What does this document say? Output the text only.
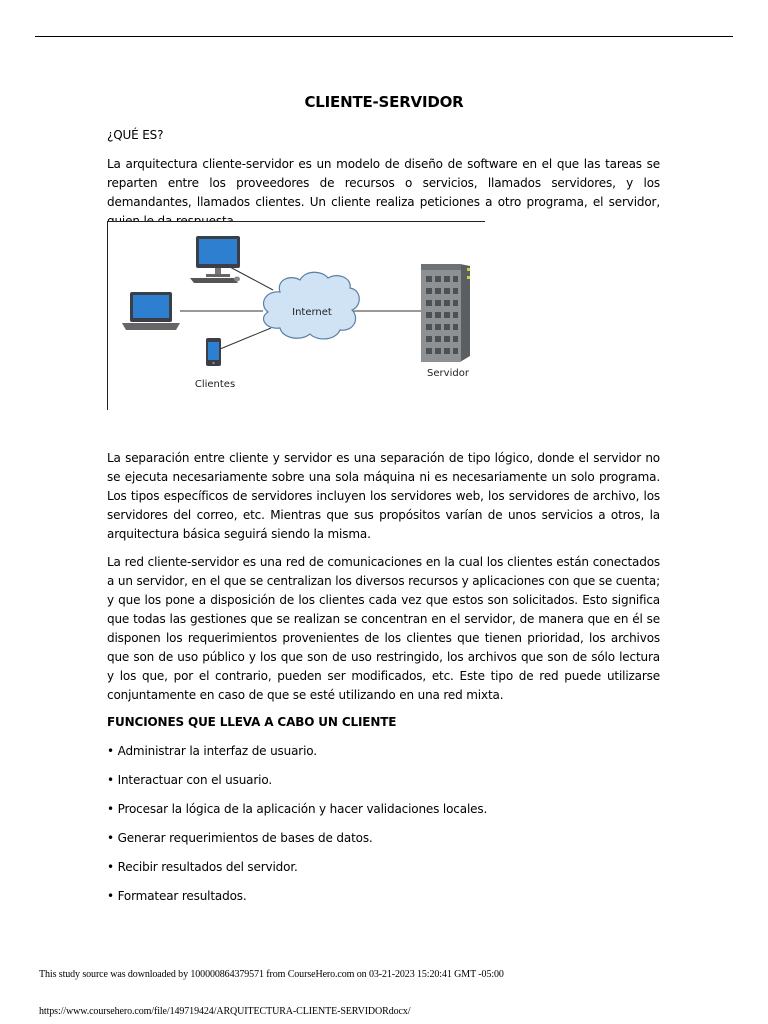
CLIENTE-SERVIDOR

¿QUÉ ES?

La arquitectura cliente-servidor es un modelo de diseño de software en el que las tareas se reparten entre los proveedores de recursos o servicios, llamados servidores, y los demandantes, llamados clientes. Un cliente realiza peticiones a otro programa, el servidor,

Internet
Clientes
Servidor

La separación entre cliente y servidor es una separación de tipo lógico, donde el servidor no se ejecuta necesariamente sobre una sola máquina ni es necesariamente un solo programa. Los tipos específicos de servidores incluyen los servidores web, los servidores de archivo, los servidores del correo, etc. Mientras que sus propósitos varían de unos servicios a otros, la arquitectura básica seguirá siendo la misma.

La red cliente-servidor es una red de comunicaciones en la cual los clientes están conectados a un servidor, en el que se centralizan los diversos recursos y aplicaciones con que se cuenta; y que los pone a disposición de los clientes cada vez que estos son solicitados. Esto significa que todas las gestiones que se realizan se concentran en el servidor, de manera que en él se disponen los requerimientos provenientes de los clientes que tienen prioridad, los archivos que son de uso público y los que son de uso restringido, los archivos que son de sólo lectura y los que, por el contrario, pueden ser modificados, etc. Este tipo de red puede utilizarse conjuntamente en caso de que se esté utilizando en una red mixta.

FUNCIONES QUE LLEVA A CABO UN CLIENTE

• Administrar la interfaz de usuario.

• Interactuar con el usuario.

• Procesar la lógica de la aplicación y hacer validaciones locales.

• Generar requerimientos de bases de datos.

• Recibir resultados del servidor.

• Formatear resultados.

This study source was downloaded by 100000864379571 from CourseHero.com on 03-21-2023 15:20:41 GMT -05:00
https://www.coursehero.com/file/149719424/ARQUITECTURA-CLIENTE-SERVIDORdocx/
